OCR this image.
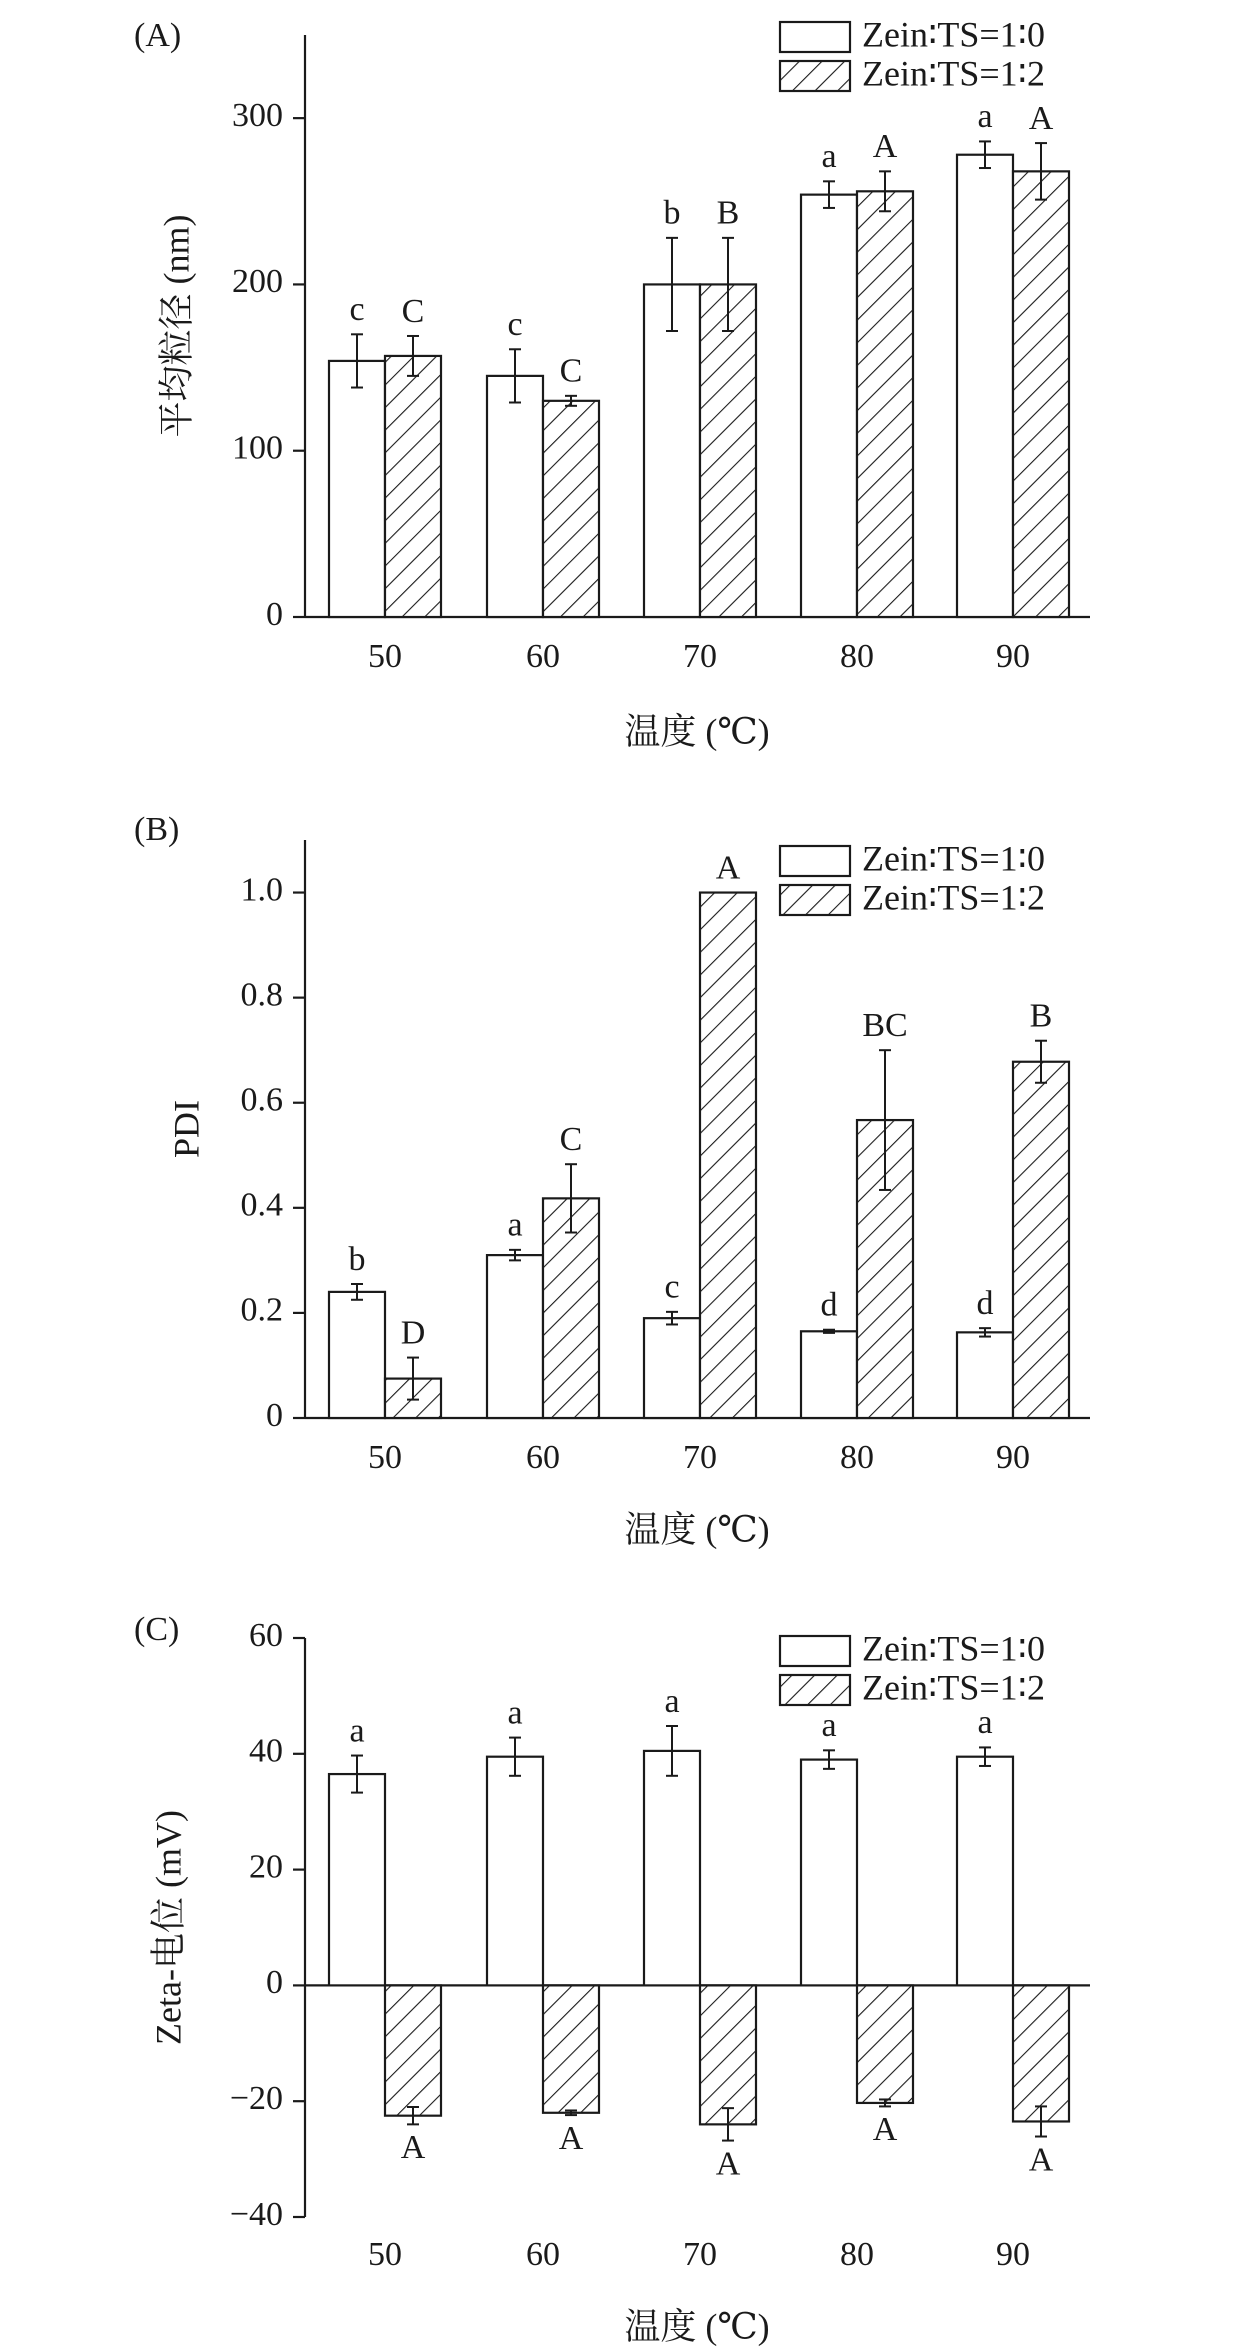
(A)
0
100
200
300
50	60	70	80	90
温度 (℃)
平均粒径 (nm)	c	c
b
a
a
C
C
B
A
A
Zein∶TS=1∶0
Zein∶TS=1∶2
(B)
0
0.2
0.4
0.6
0.8
1.0
50	60	70	80	90
温度 (℃)
PDI
b
a
c	d	d
D
C
A
BC	B
Zein∶TS=1∶0
Zein∶TS=1∶2
(C)
−40
−20
0
20
40
60
50	60	70	80	90
温度 (℃)
Zeta-电位 (mV)
a	a	a
a	a
A	A
A
A
A
Zein∶TS=1∶0
Zein∶TS=1∶2
